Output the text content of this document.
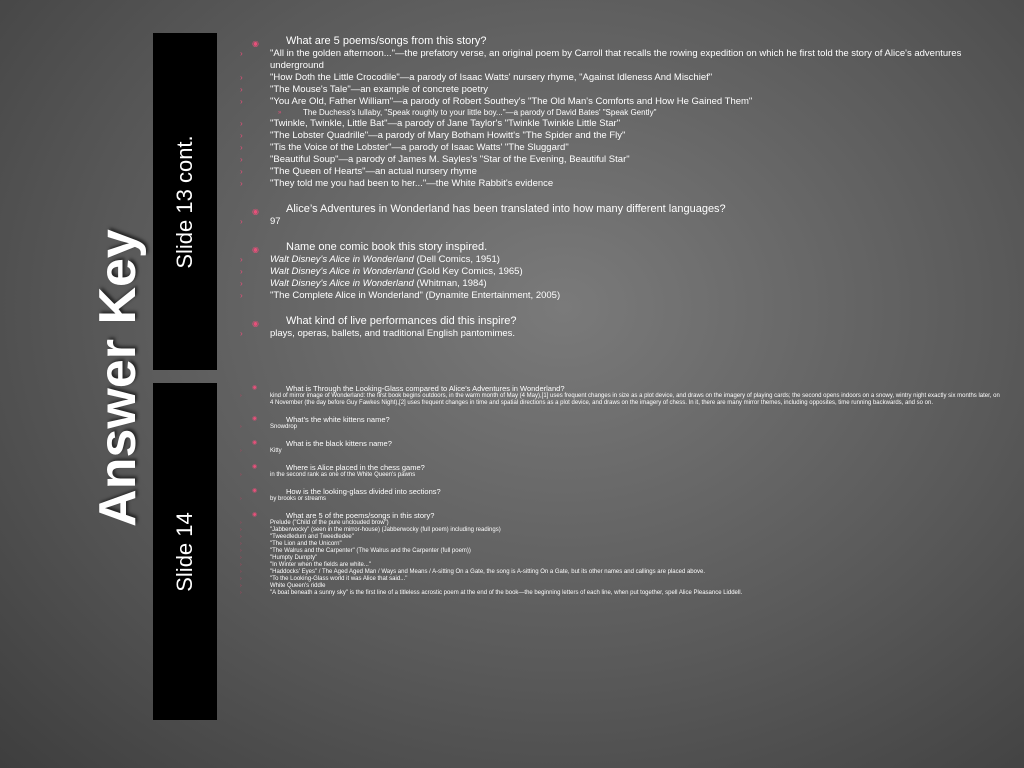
Answer Key
Slide 13 cont.
Slide 14
◉ What are 5 poems/songs from this story?
›	"All in the golden afternoon..."—the prefatory verse, an original poem by Carroll that recalls the rowing expedition on which he first told the story of Alice's adventures underground
›	"How Doth the Little Crocodile"—a parody of Isaac Watts' nursery rhyme, "Against Idleness And Mischief"
›	"The Mouse's Tale"—an example of concrete poetry
›	"You Are Old, Father William"—a parody of Robert Southey's "The Old Man's Comforts and How He Gained Them"
»	The Duchess's lullaby, "Speak roughly to your little boy..."—a parody of David Bates' "Speak Gently"
›	"Twinkle, Twinkle, Little Bat"—a parody of Jane Taylor's "Twinkle Twinkle Little Star"
›	"The Lobster Quadrille"—a parody of Mary Botham Howitt's "The Spider and the Fly"
›	"Tis the Voice of the Lobster"—a parody of Isaac Watts' "The Sluggard"
›	"Beautiful Soup"—a parody of James M. Sayles's "Star of the Evening, Beautiful Star"
›	"The Queen of Hearts"—an actual nursery rhyme
›	"They told me you had been to her..."—the White Rabbit's evidence
◉ Alice’s Adventures in Wonderland has been translated into how many different languages?
›	97
◉ Name one comic book this story inspired.
›	Walt Disney's Alice in Wonderland (Dell Comics, 1951)
›	Walt Disney's Alice in Wonderland (Gold Key Comics, 1965)
›	Walt Disney's Alice in Wonderland (Whitman, 1984)
›	"The Complete Alice in Wonderland" (Dynamite Entertainment, 2005)
◉ What kind of live performances did this inspire?
›	plays, operas, ballets, and traditional English pantomimes.
◉	What is Through the Looking-Glass compared to Alice’s Adventures in Wonderland?
›	kind of mirror image of Wonderland: the first book begins outdoors, in the warm month of May (4 May),[1] uses frequent changes in size as a plot device, and draws on the imagery of playing cards; the second opens indoors on a snowy, wintry night exactly six months later, on 4 November (the day before Guy Fawkes Night),[2] uses frequent changes in time and spatial directions as a plot device, and draws on the imagery of chess. In it, there are many mirror themes, including opposites, time running backwards, and so on.
◉	What’s the white kittens name?
›	Snowdrop
◉	What is the black kittens name?
›	Kitty
◉	Where is Alice placed in the chess game?
›	in the second rank as one of the White Queen's pawns
◉	How is the looking-glass divided into sections?
›	by brooks or streams
◉	What are 5 of the poems/songs in this story?
›	Prelude ("Child of the pure unclouded brow")
›	"Jabberwocky" (seen in the mirror-house) (Jabberwocky (full poem) including readings)
›	"Tweedledum and Tweedledee"
›	"The Lion and the Unicorn"
›	"The Walrus and the Carpenter" (The Walrus and the Carpenter (full poem))
›	"Humpty Dumpty"
›	"In Winter when the fields are white..."
›	"Haddocks' Eyes" / The Aged Aged Man / Ways and Means / A-sitting On a Gate, the song is A-sitting On a Gate, but its other names and callings are placed above.
›	"To the Looking-Glass world it was Alice that said..."
›	White Queen's riddle
›	"A boat beneath a sunny sky" is the first line of a titleless acrostic poem at the end of the book—the beginning letters of each line, when put together, spell Alice Pleasance Liddell.
